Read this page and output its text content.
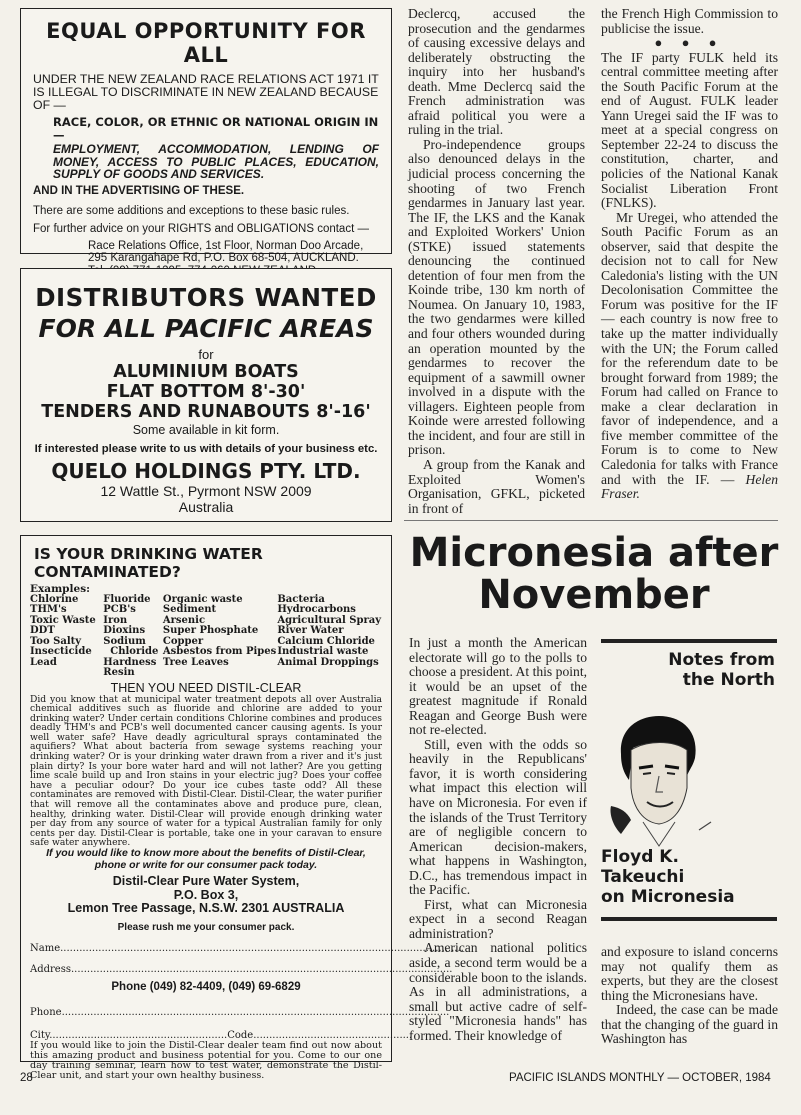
EQUAL OPPORTUNITY FOR ALL

UNDER THE NEW ZEALAND RACE RELATIONS ACT 1971 IT IS ILLEGAL TO DISCRIMINATE IN NEW ZEALAND BECAUSE OF —

RACE, COLOR, OR ETHNIC OR NATIONAL ORIGIN IN —

EMPLOYMENT, ACCOMMODATION, LENDING OF MONEY, ACCESS TO PUBLIC PLACES, EDUCATION, SUPPLY OF GOODS AND SERVICES.

AND IN THE ADVERTISING OF THESE.

There are some additions and exceptions to these basic rules.

For further advice on your RIGHTS and OBLIGATIONS contact —

Race Relations Office, 1st Floor, Norman Doo Arcade, 295 Karangahape Rd, P.O. Box 68-504, AUCKLAND.

DISTRIBUTORS WANTED
FOR ALL PACIFIC AREAS
for
ALUMINIUM BOATS
FLAT BOTTOM 8'-30'
TENDERS AND RUNABOUTS 8'-16'
Some available in kit form.
If interested please write to us with details of your business etc.
QUELO HOLDINGS PTY. LTD.
12 Wattle St., Pyrmont NSW 2009
Australia
IS YOUR DRINKING WATER CONTAMINATED?
Examples:
Chlorine	Fluoride	Organic waste	Bacteria
THM's	PCB's	Sediment	Hydrocarbons
Toxic Waste	Iron	Arsenic	Agricultural Spray
DDT	Dioxins	Super Phosphate	River Water
Too Salty	Sodium	Copper	Calcium Chloride
Insecticide	Chloride	Asbestos from Pipes	Industrial waste
Lead	Hardness	Tree Leaves	Animal Droppings
	Resin		
THEN YOU NEED DISTIL-CLEAR
Did you know that at municipal water treatment depots all over Australia chemical additives such as fluoride and chlorine are added to your drinking water? Under certain conditions Chlorine combines and produces deadly THM's and PCB's well documented cancer causing agents. Is your well water safe? Have deadly agricultural sprays contaminated the aquifiers? What about bacteria from sewage systems reaching your drinking water? Or is your drinking water drawn from a river and it's just plain dirty? Is your bore water hard and will not lather? Are you getting lime scale build up and Iron stains in your electric jug? Does your coffee have a peculiar odour? Do your ice cubes taste odd? All these contaminates are removed with Distil-Clear. Distil-Clear, the water purifier that will remove all the contaminates above and produce pure, clean, healthy, drinking water. Distil-Clear will provide enough drinking water per day from any source of water for a typical Australian family for only cents per day. Distil-Clear is portable, take one in your caravan to ensure safe water anywhere.
If you would like to know more about the benefits of Distil-Clear, phone or write for our consumer pack today.
Distil-Clear Pure Water System,
P.O. Box 3,
Lemon Tree Passage, N.S.W. 2301 AUSTRALIA
Please rush me your consumer pack.
Name...............................................................................................................................
Address........................................................................................................................
Phone (049) 82-4409, (049) 69-6829
Phone..........................................................................................................................
City........................................................Code..................................................
If you would like to join the Distil-Clear dealer team find out now about this amazing product and business potential for you. Come to our one day training seminar, learn how to test water, demonstrate the Distil-Clear unit, and start your own healthy business.

Declercq, accused the prosecution and the gendarmes of causing excessive delays and deliberately obstructing the inquiry into her husband's death. Mme Declercq said the French administration was afraid political you were a ruling in the trial.

Pro-independence groups also denounced delays in the judicial process concerning the shooting of two French gendarmes in January last year. The IF, the LKS and the Kanak and Exploited Workers' Union (STKE) issued statements denouncing the continued detention of four men from the Koinde tribe, 130 km north of Noumea. On January 10, 1983, the two gendarmes were killed and four others wounded during an operation mounted by the gendarmes to recover the equipment of a sawmill owner involved in a dispute with the villagers. Eighteen people from Koinde were arrested following the incident, and four are still in prison.

A group from the Kanak and Exploited Women's Organisation, GFKL, picketed in front of

the French High Commission to publicise the issue.

● ● ●

The IF party FULK held its central committee meeting after the South Pacific Forum at the end of August. FULK leader Yann Uregei said the IF was to meet at a special congress on September 22-24 to discuss the constitution, charter, and policies of the National Kanak Socialist Liberation Front (FNLKS).

Mr Uregei, who attended the South Pacific Forum as an observer, said that despite the decision not to call for New Caledonia's listing with the UN Decolonisation Committee the Forum was positive for the IF — each country is now free to take up the matter individually with the UN; the Forum called for the referendum date to be brought forward from 1989; the Forum had called on France to make a clear declaration in favor of independence, and a five member committee of the Forum is to come to New Caledonia for talks with France and with the IF. — Helen Fraser.

Micronesia after
November

In just a month the American electorate will go to the polls to choose a president. At this point, it would be an upset of the greatest magnitude if Ronald Reagan and George Bush were not re-elected.

Still, even with the odds so heavily in the Republicans' favor, it is worth considering what impact this election will have on Micronesia. For even if the islands of the Trust Territory are of negligible concern to American decision-makers, what happens in Washington, D.C., has tremendous impact in the Pacific.

First, what can Micronesia expect in a second Reagan administration?

American national politics aside, a second term would be a considerable boon to the islands. As in all administrations, a small but active cadre of self-styled "Micronesia hands" has formed. Their knowledge of

Notes from
the North
Floyd K.
Takeuchi
on Micronesia

and exposure to island concerns may not qualify them as experts, but they are the closest thing the Micronesians have.

Indeed, the case can be made that the changing of the guard in Washington has

28	PACIFIC ISLANDS MONTHLY — OCTOBER, 1984
